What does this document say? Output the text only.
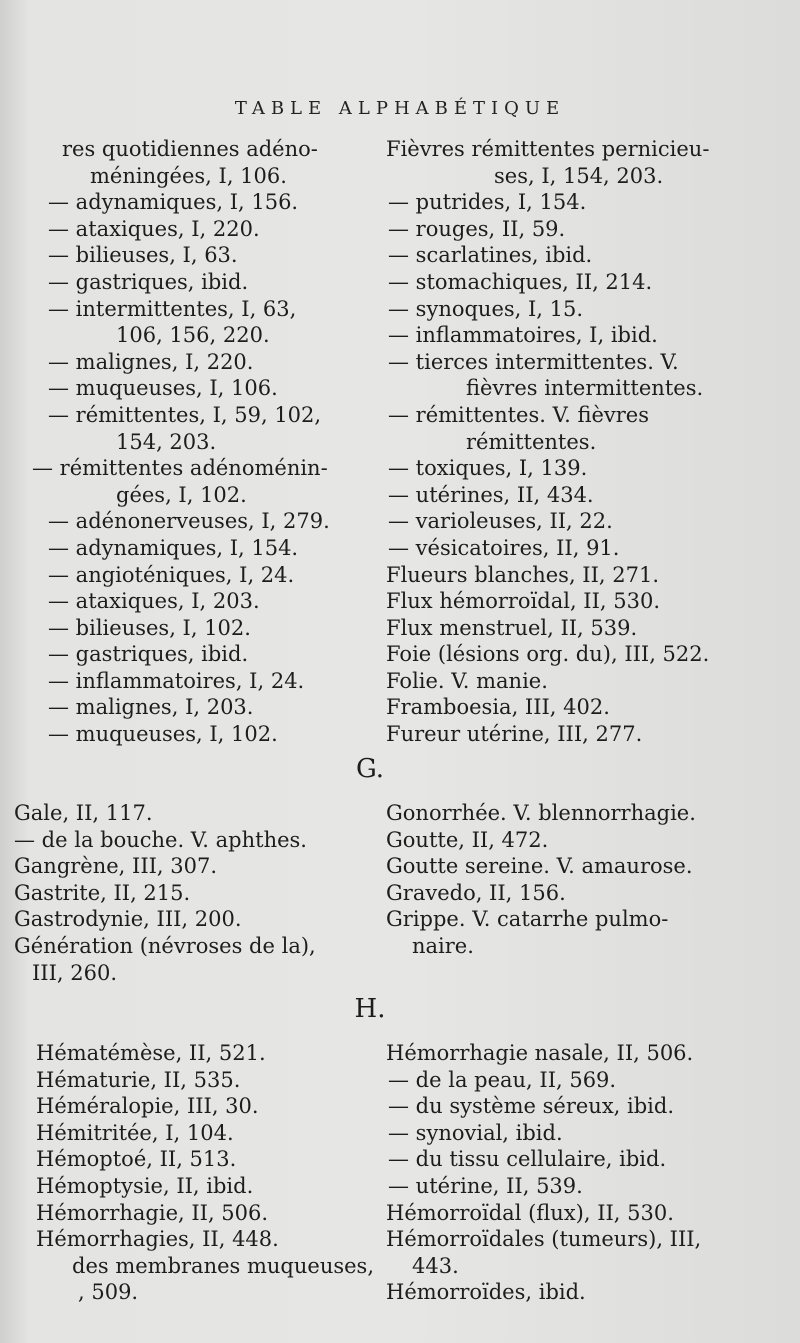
TABLE ALPHABÉTIQUE

res quotidiennes adéno-

méningées, I, 106.

— adynamiques, I, 156.

— ataxiques, I, 220.

— bilieuses, I, 63.

— gastriques, ibid.

— intermittentes, I, 63,

106, 156, 220.

— malignes, I, 220.

— muqueuses, I, 106.

— rémittentes, I, 59, 102,

154, 203.

— rémittentes adénoménin-

gées, I, 102.

— adénonerveuses, I, 279.

— adynamiques, I, 154.

— angioténiques, I, 24.

— ataxiques, I, 203.

— bilieuses, I, 102.

— gastriques, ibid.

— inflammatoires, I, 24.

— malignes, I, 203.

— muqueuses, I, 102.

Fièvres rémittentes pernicieu-

ses, I, 154, 203.

— putrides, I, 154.

— rouges, II, 59.

— scarlatines, ibid.

— stomachiques, II, 214.

— synoques, I, 15.

— inflammatoires, I, ibid.

— tierces intermittentes. V.

fièvres intermittentes.

— rémittentes. V. fièvres

rémittentes.

— toxiques, I, 139.

— utérines, II, 434.

— varioleuses, II, 22.

— vésicatoires, II, 91.

Flueurs blanches, II, 271.

Flux hémorroïdal, II, 530.

Flux menstruel, II, 539.

Foie (lésions org. du), III, 522.

Folie. V. manie.

Framboesia, III, 402.

Fureur utérine, III, 277.

G.

Gale, II, 117.

— de la bouche. V. aphthes.

Gangrène, III, 307.

Gastrite, II, 215.

Gastrodynie, III, 200.

Génération (névroses de la),

III, 260.

Gonorrhée. V. blennorrhagie.

Goutte, II, 472.

Goutte sereine. V. amaurose.

Gravedo, II, 156.

Grippe. V. catarrhe pulmo-

naire.

H.

Hématémèse, II, 521.

Hématurie, II, 535.

Héméralopie, III, 30.

Hémitritée, I, 104.

Hémoptoé, II, 513.

Hémoptysie, II, ibid.

Hémorrhagie, II, 506.

Hémorrhagies, II, 448.

des membranes muqueuses,

, 509.

Hémorrhagie nasale, II, 506.

— de la peau, II, 569.

— du système séreux, ibid.

— synovial, ibid.

— du tissu cellulaire, ibid.

— utérine, II, 539.

Hémorroïdal (flux), II, 530.

Hémorroïdales (tumeurs), III,

443.

Hémorroïdes, ibid.
